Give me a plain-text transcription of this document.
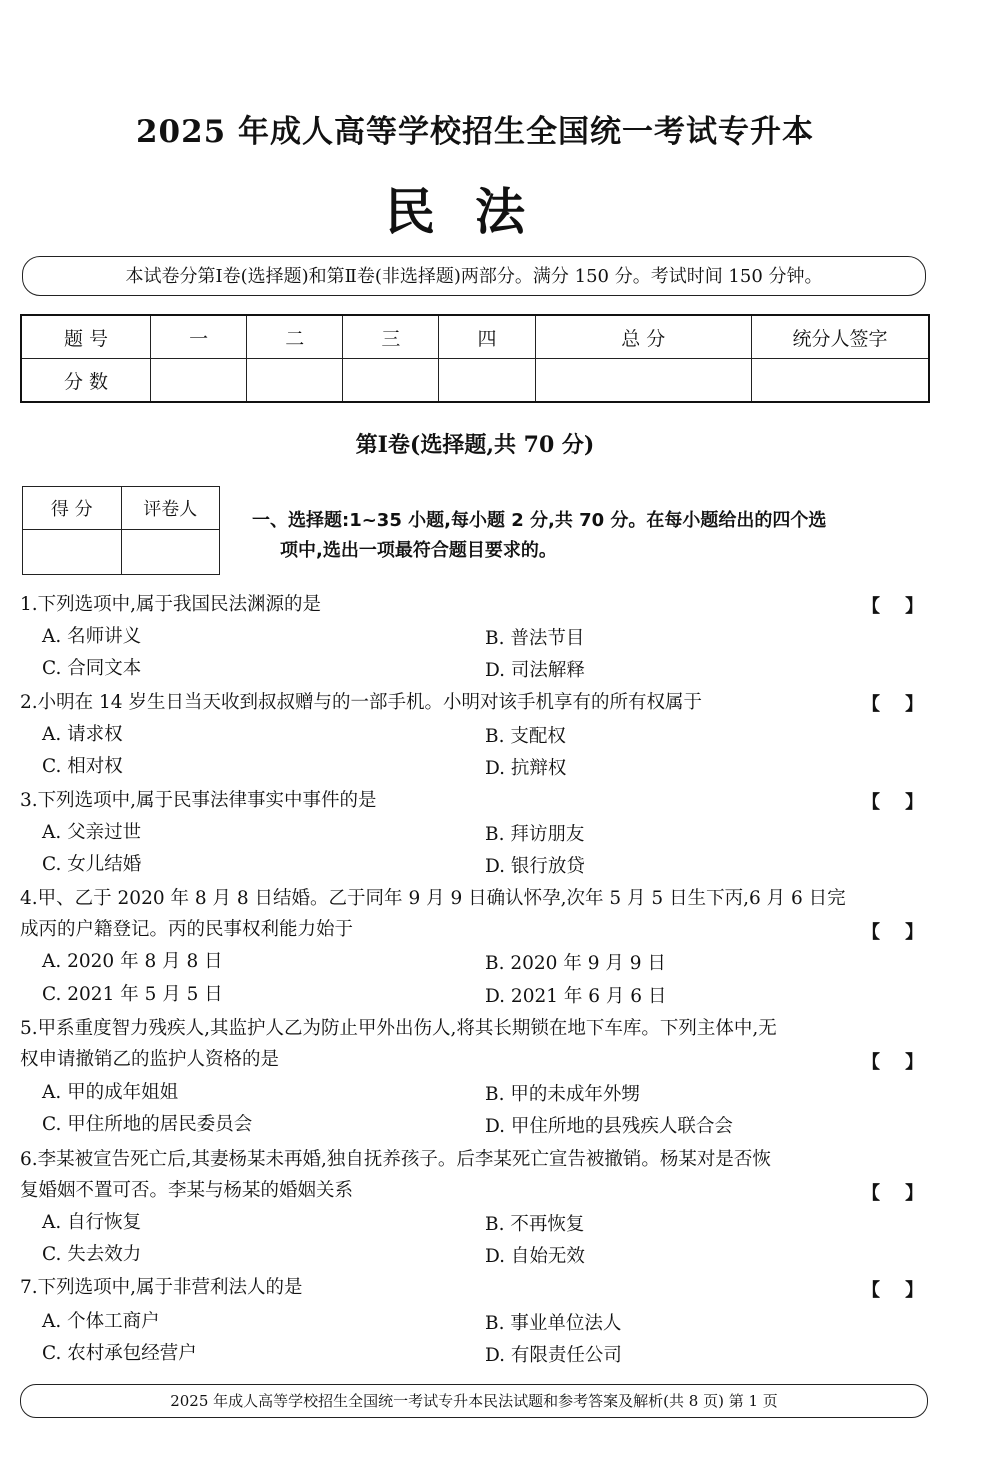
2025 年成人高等学校招生全国统一考试专升本
民法
本试卷分第Ⅰ卷(选择题)和第Ⅱ卷(非选择题)两部分。满分 150 分。考试时间 150 分钟。
题 号	一	二	三	四	总 分	统分人签字
分 数						
第Ⅰ卷(选择题,共 70 分)
得 分	评卷人

一、选择题:1~35 小题,每小题 2 分,共 70 分。在每小题给出的四个选
项中,选出一项最符合题目要求的。
1.下列选项中,属于我国民法渊源的是	【    】
A. 名师讲义	B. 普法节目
C. 合同文本	D. 司法解释
2.小明在 14 岁生日当天收到叔叔赠与的一部手机。小明对该手机享有的所有权属于	【    】
A. 请求权	B. 支配权
C. 相对权	D. 抗辩权
3.下列选项中,属于民事法律事实中事件的是	【    】
A. 父亲过世	B. 拜访朋友
C. 女儿结婚	D. 银行放贷
4.甲、乙于 2020 年 8 月 8 日结婚。乙于同年 9 月 9 日确认怀孕,次年 5 月 5 日生下丙,6 月 6 日完
成丙的户籍登记。丙的民事权利能力始于	【    】
A. 2020 年 8 月 8 日	B. 2020 年 9 月 9 日
C. 2021 年 5 月 5 日	D. 2021 年 6 月 6 日
5.甲系重度智力残疾人,其监护人乙为防止甲外出伤人,将其长期锁在地下车库。下列主体中,无
权申请撤销乙的监护人资格的是	【    】
A. 甲的成年姐姐	B. 甲的未成年外甥
C. 甲住所地的居民委员会	D. 甲住所地的县残疾人联合会
6.李某被宣告死亡后,其妻杨某未再婚,独自抚养孩子。后李某死亡宣告被撤销。杨某对是否恢
复婚姻不置可否。李某与杨某的婚姻关系	【    】
A. 自行恢复	B. 不再恢复
C. 失去效力	D. 自始无效
7.下列选项中,属于非营利法人的是	【    】
A. 个体工商户	B. 事业单位法人
C. 农村承包经营户	D. 有限责任公司
2025 年成人高等学校招生全国统一考试专升本民法试题和参考答案及解析(共 8 页) 第 1 页
